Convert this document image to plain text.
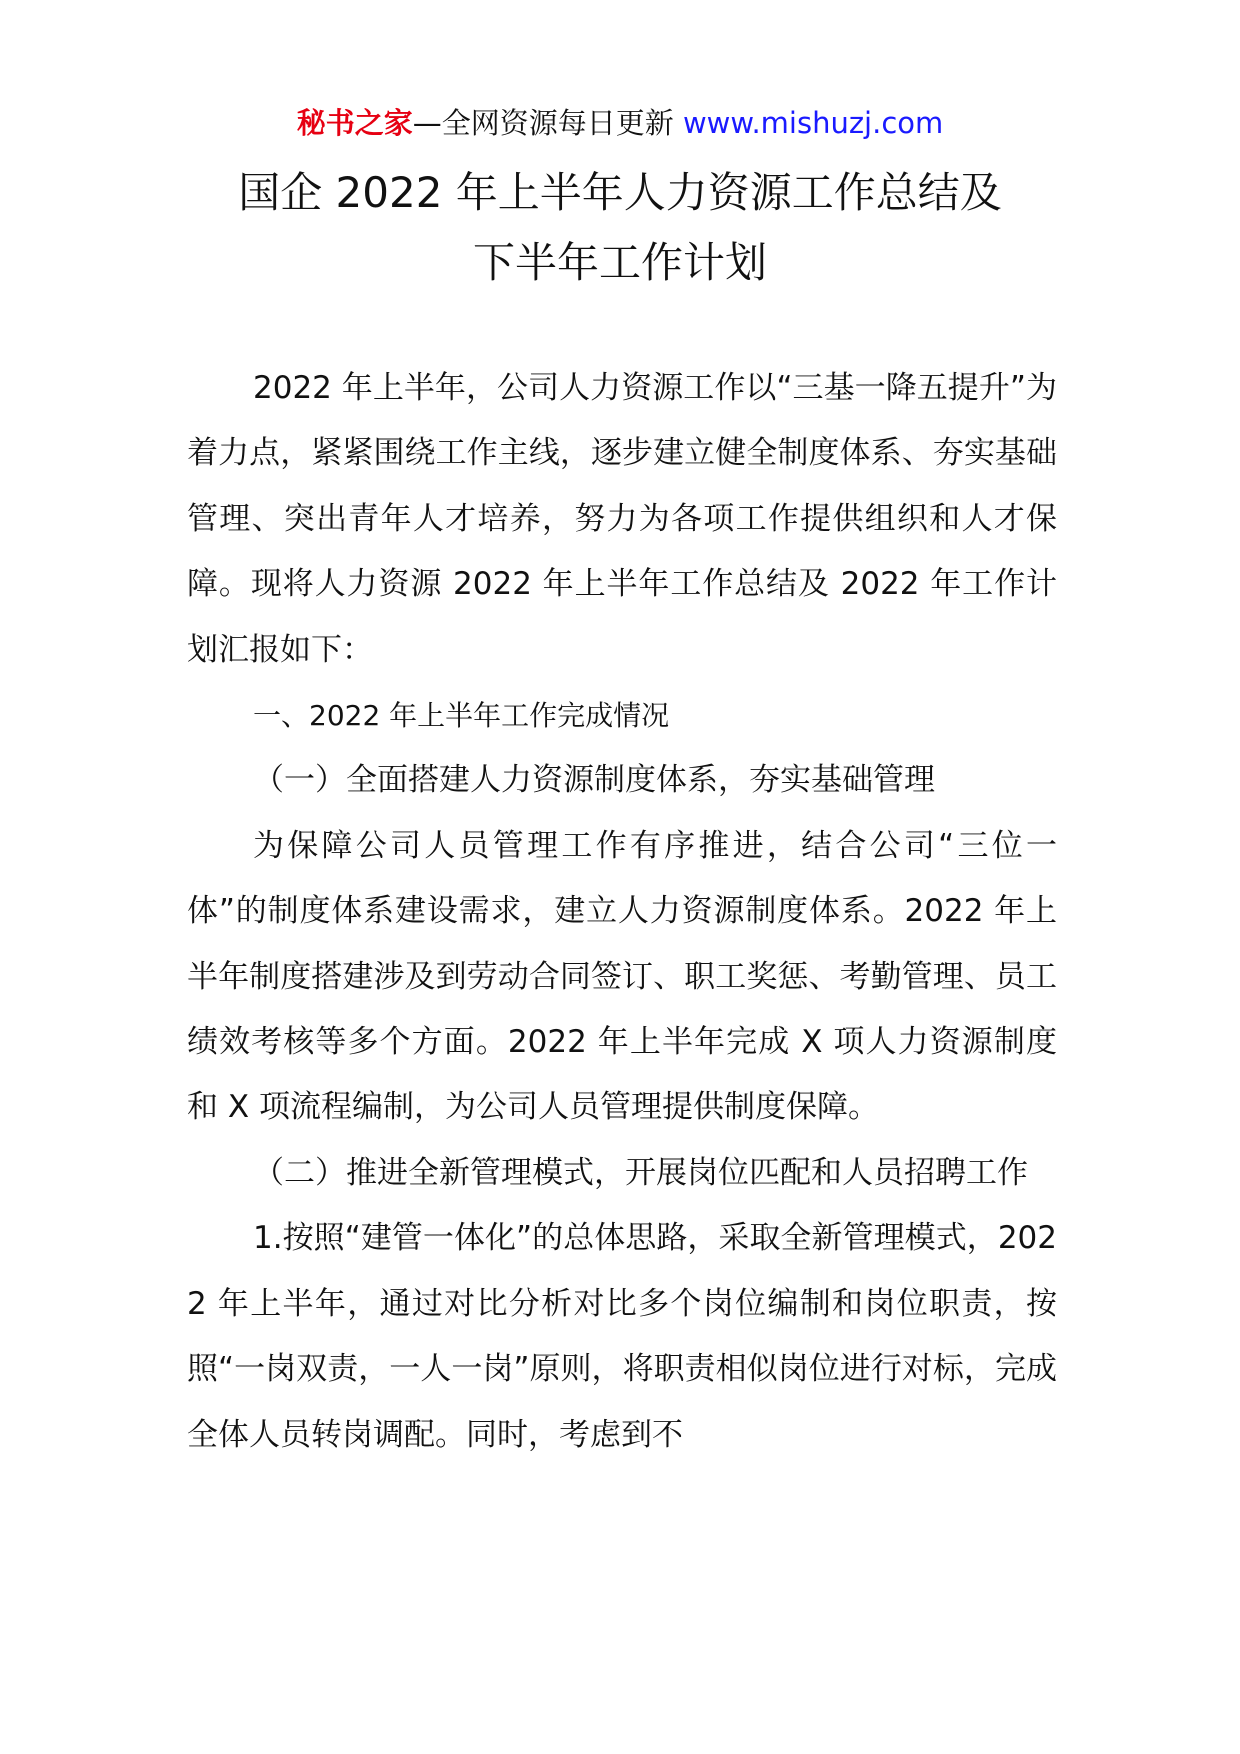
秘书之家—全网资源每日更新 www.mishuzj.com
国企 2022 年上半年人力资源工作总结及
下半年工作计划

2022 年上半年，公司人力资源工作以“三基一降五提升”为着力点，紧紧围绕工作主线，逐步建立健全制度体系、夯实基础管理、突出青年人才培养，努力为各项工作提供组织和人才保障。现将人力资源 2022 年上半年工作总结及 2022 年工作计划汇报如下：

一、2022 年上半年工作完成情况

（一）全面搭建人力资源制度体系，夯实基础管理

为保障公司人员管理工作有序推进，结合公司“三位一体”的制度体系建设需求，建立人力资源制度体系。2022 年上半年制度搭建涉及到劳动合同签订、职工奖惩、考勤管理、员工绩效考核等多个方面。2022 年上半年完成 X 项人力资源制度和 X 项流程编制，为公司人员管理提供制度保障。

（二）推进全新管理模式，开展岗位匹配和人员招聘工作

1.按照“建管一体化”的总体思路，采取全新管理模式，2022 年上半年，通过对比分析对比多个岗位编制和岗位职责，按照“一岗双责，一人一岗”原则，将职责相似岗位进行对标，完成全体人员转岗调配。同时，考虑到不
